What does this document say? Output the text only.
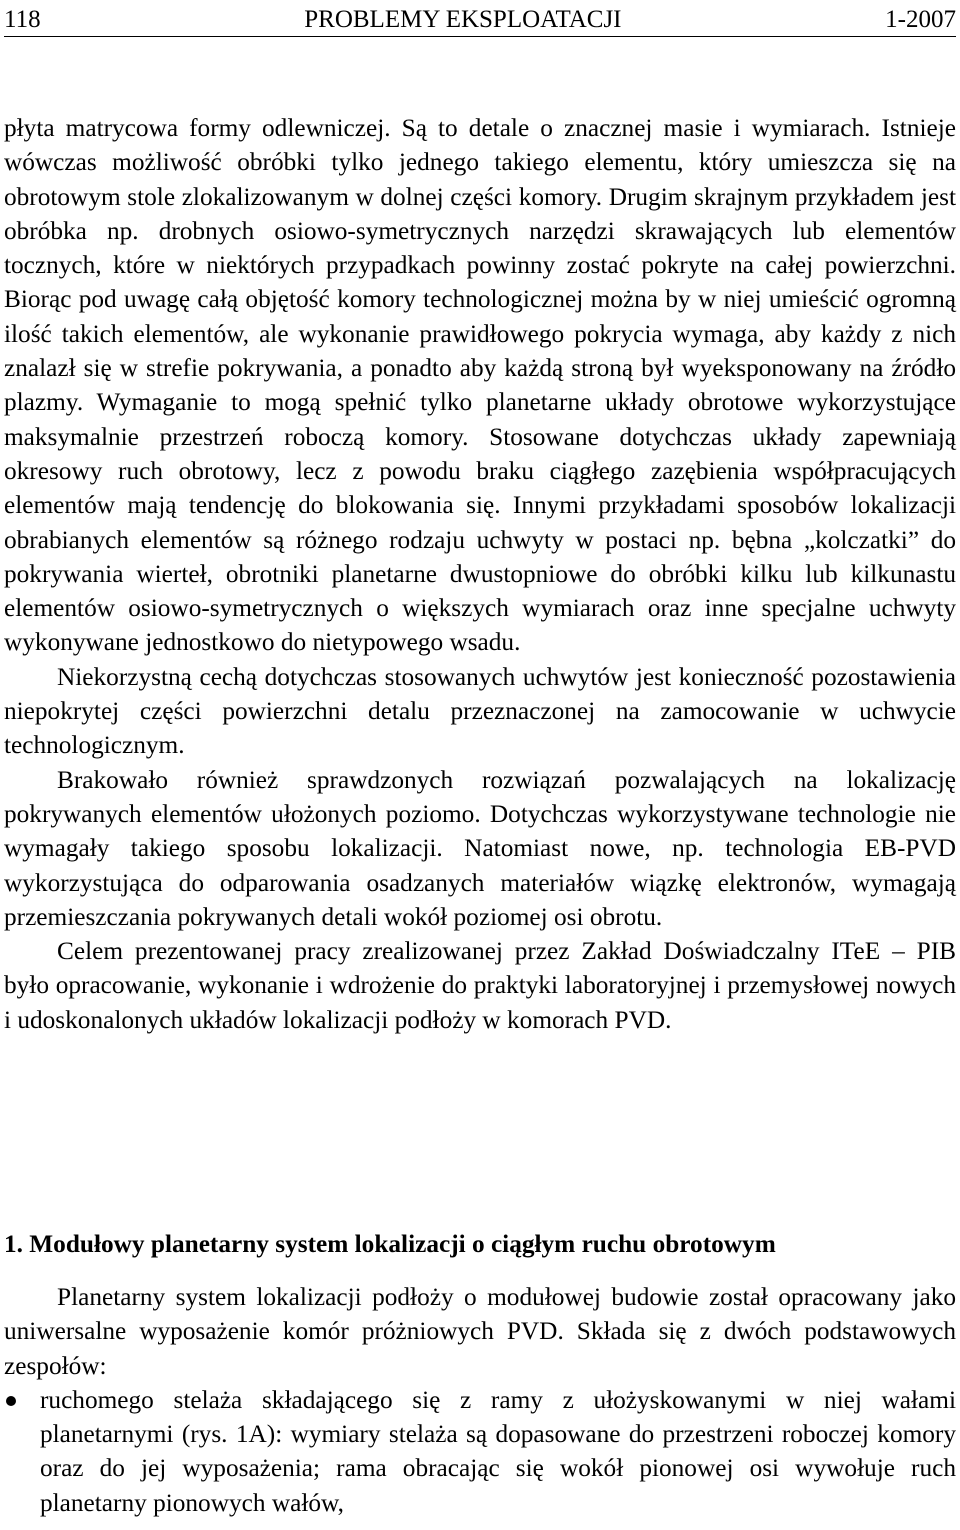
118	PROBLEMY EKSPLOATACJI	1-2007

płyta matrycowa formy odlewniczej. Są to detale o znacznej masie i wymiarach. Istnieje wówczas możliwość obróbki tylko jednego takiego elementu, który umieszcza się na obrotowym stole zlokalizowanym w dolnej części komory. Drugim skrajnym przykładem jest obróbka np. drobnych osiowo-symetrycznych narzędzi skrawających lub elementów tocznych, które w niektórych przypadkach powinny zostać pokryte na całej powierzchni. Biorąc pod uwagę całą objętość komory technologicznej można by w niej umieścić ogromną ilość takich elementów, ale wykonanie prawidłowego pokrycia wymaga, aby każdy z nich znalazł się w strefie pokrywania, a ponadto aby każdą stroną był wyeksponowany na źródło plazmy. Wymaganie to mogą spełnić tylko planetarne układy obrotowe wykorzystujące maksymalnie przestrzeń roboczą komory. Stosowane dotychczas układy zapewniają okresowy ruch obrotowy, lecz z powodu braku ciągłego zazębienia współpracujących elementów mają tendencję do blokowania się. Innymi przykładami sposobów lokalizacji obrabianych elementów są różnego rodzaju uchwyty w postaci np. bębna „kolczatki” do pokrywania wierteł, obrotniki planetarne dwustopniowe do obróbki kilku lub kilkunastu elementów osiowo-symetrycznych o większych wymiarach oraz inne specjalne uchwyty wykonywane jednostkowo do nietypowego wsadu.

Niekorzystną cechą dotychczas stosowanych uchwytów jest konieczność pozostawienia niepokrytej części powierzchni detalu przeznaczonej na zamocowanie w uchwycie technologicznym.

Brakowało również sprawdzonych rozwiązań pozwalających na lokalizację pokrywanych elementów ułożonych poziomo. Dotychczas wykorzystywane technologie nie wymagały takiego sposobu lokalizacji. Natomiast nowe, np. technologia EB-PVD wykorzystująca do odparowania osadzanych materiałów wiązkę elektronów, wymagają przemieszczania pokrywanych detali wokół poziomej osi obrotu.

Celem prezentowanej pracy zrealizowanej przez Zakład Doświadczalny ITeE – PIB było opracowanie, wykonanie i wdrożenie do praktyki laboratoryjnej i przemysłowej nowych i udoskonalonych układów lokalizacji podłoży w komorach PVD.

1. Modułowy planetarny system lokalizacji o ciągłym ruchu obrotowym

Planetarny system lokalizacji podłoży o modułowej budowie został opracowany jako uniwersalne wyposażenie komór próżniowych PVD. Składa się z dwóch podstawowych zespołów:

ruchomego stelaża składającego się z ramy z ułożyskowanymi w niej wałami planetarnymi (rys. 1A): wymiary stelaża są dopasowane do przestrzeni roboczej komory oraz do jej wyposażenia; rama obracając się wokół pionowej osi wywołuje ruch planetarny pionowych wałów,
